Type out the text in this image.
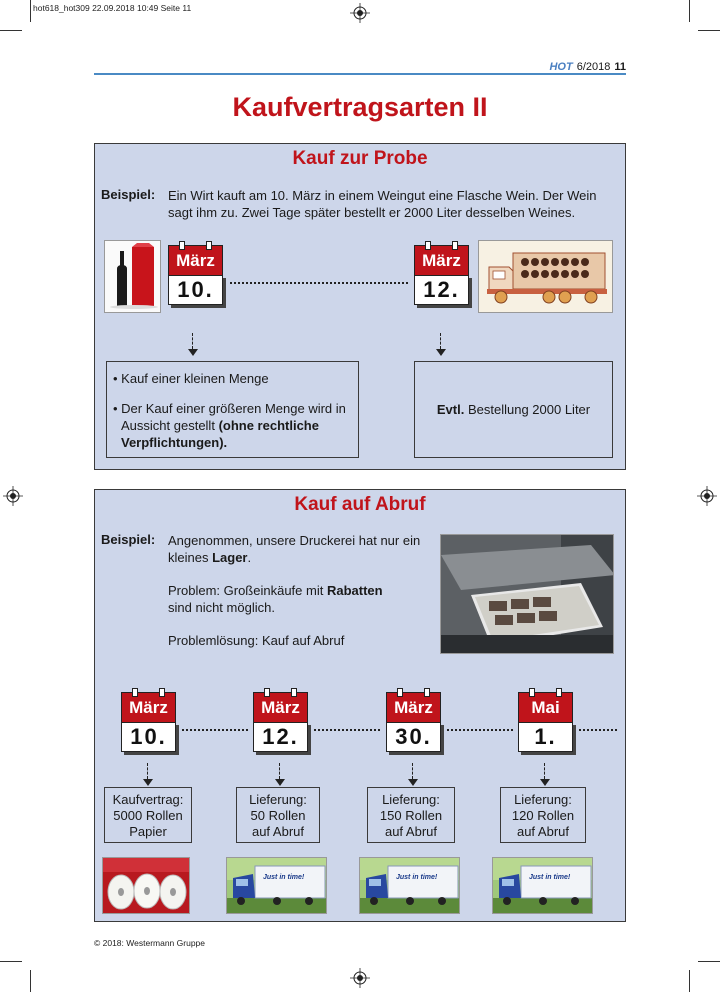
hot618_hot309 22.09.2018 10:49 Seite 11
HOT 6/2018 11
Kaufvertragsarten II
Kauf zur Probe
Beispiel: Ein Wirt kauft am 10. März in einem Weingut eine Flasche Wein. Der Wein sagt ihm zu. Zwei Tage später bestellt er 2000 Liter desselben Weines.
März
10.
März
12.
• Kauf einer kleinen Menge
• Der Kauf einer größeren Menge wird in
Aussicht gestellt (ohne rechtliche
Verpflichtungen).
Evtl. Bestellung 2000 Liter
Kauf auf Abruf
Beispiel: Angenommen, unsere Druckerei hat nur ein
kleines Lager.
Problem: Großeinkäufe mit Rabatten
sind nicht möglich.
Problemlösung: Kauf auf Abruf
März
10.
März
12.
März
30.
Mai
1.
Kaufvertrag:
5000 Rollen
Papier
Lieferung:
50 Rollen
auf Abruf
Lieferung:
150 Rollen
auf Abruf
Lieferung:
120 Rollen
auf Abruf
Just in time!	Just in time!	Just in time!
© 2018: Westermann Gruppe
